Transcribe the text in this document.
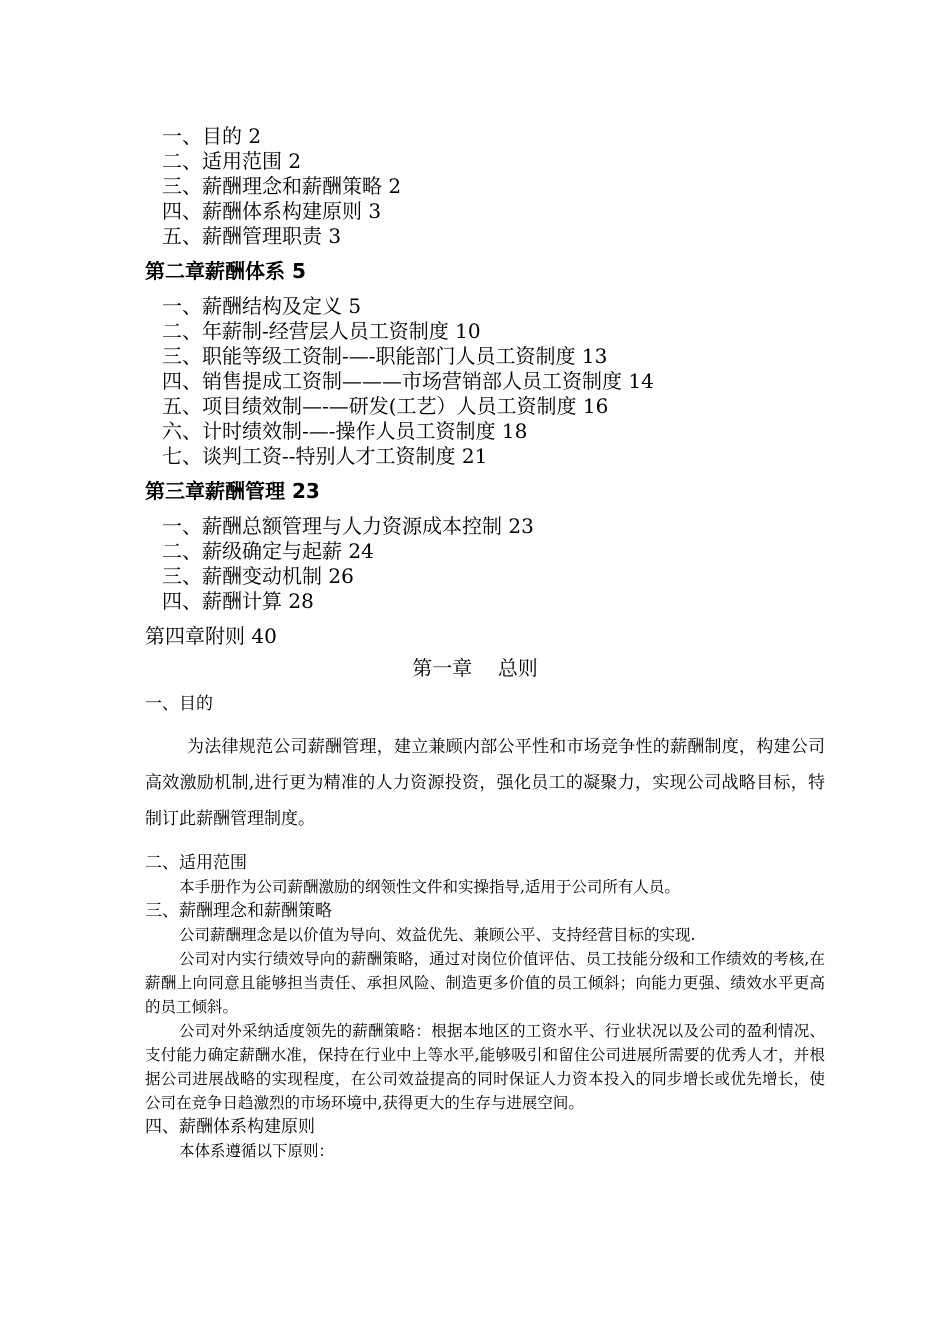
一、目的 2
二、适用范围 2
三、薪酬理念和薪酬策略 2
四、薪酬体系构建原则 3
五、薪酬管理职责 3
第二章薪酬体系 5
一、薪酬结构及定义 5
二、年薪制-经营层人员工资制度 10
三、职能等级工资制-—-职能部门人员工资制度 13
四、销售提成工资制———市场营销部人员工资制度 14
五、项目绩效制—-—研发(工艺）人员工资制度 16
六、计时绩效制-—-操作人员工资制度 18
七、谈判工资--特别人才工资制度 21
第三章薪酬管理 23
一、薪酬总额管理与人力资源成本控制 23
二、薪级确定与起薪 24
三、薪酬变动机制 26
四、薪酬计算 28
第四章附则 40
第一章    总则
一、目的
为法律规范公司薪酬管理，建立兼顾内部公平性和市场竞争性的薪酬制度，构建公司高效激励机制,进行更为精准的人力资源投资，强化员工的凝聚力，实现公司战略目标，特制订此薪酬管理制度。
二、适用范围
本手册作为公司薪酬激励的纲领性文件和实操指导,适用于公司所有人员。
三、薪酬理念和薪酬策略
公司薪酬理念是以价值为导向、效益优先、兼顾公平、支持经营目标的实现.
公司对内实行绩效导向的薪酬策略，通过对岗位价值评估、员工技能分级和工作绩效的考核,在薪酬上向同意且能够担当责任、承担风险、制造更多价值的员工倾斜；向能力更强、绩效水平更高的员工倾斜。
公司对外采纳适度领先的薪酬策略：根据本地区的工资水平、行业状况以及公司的盈利情况、支付能力确定薪酬水准，保持在行业中上等水平,能够吸引和留住公司进展所需要的优秀人才，并根据公司进展战略的实现程度，在公司效益提高的同时保证人力资本投入的同步增长或优先增长，使公司在竞争日趋激烈的市场环境中,获得更大的生存与进展空间。
四、薪酬体系构建原则
本体系遵循以下原则：
